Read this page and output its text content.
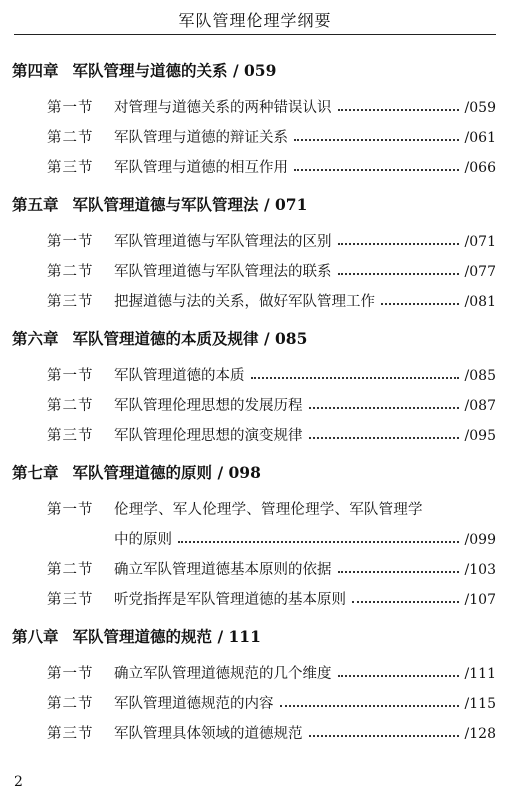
军队管理伦理学纲要
第四章 军队管理与道德的关系 / 059
第一节 对管理与道德关系的两种错误认识	/059
第二节 军队管理与道德的辩证关系	/061
第三节 军队管理与道德的相互作用	/066
第五章 军队管理道德与军队管理法 / 071
第一节 军队管理道德与军队管理法的区别	/071
第二节 军队管理道德与军队管理法的联系	/077
第三节 把握道德与法的关系，做好军队管理工作	/081
第六章 军队管理道德的本质及规律 / 085
第一节 军队管理道德的本质	/085
第二节 军队管理伦理思想的发展历程	/087
第三节 军队管理伦理思想的演变规律	/095
第七章 军队管理道德的原则 / 098
第一节 伦理学、军人伦理学、管理伦理学、军队管理学
中的原则	/099
第二节 确立军队管理道德基本原则的依据	/103
第三节 听党指挥是军队管理道德的基本原则	/107
第八章 军队管理道德的规范 / 111
第一节 确立军队管理道德规范的几个维度	/111
第二节 军队管理道德规范的内容	/115
第三节 军队管理具体领域的道德规范	/128
2
